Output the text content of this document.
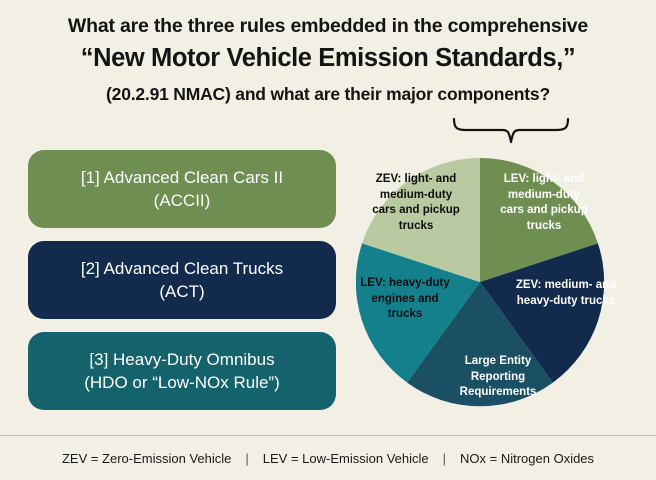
What are the three rules embedded in the comprehensive
“New Motor Vehicle Emission Standards,”
(20.2.91 NMAC) and what are their major components?
[1] Advanced Clean Cars II
(ACCII)
[2] Advanced Clean Trucks
(ACT)
[3] Heavy-Duty Omnibus
(HDO or “Low-NOx Rule”)
ZEV: light- and medium-duty cars and pickup trucks
LEV: light- and medium-duty cars and pickup trucks
ZEV: medium- and heavy-duty trucks
Large Entity Reporting Requirements
LEV: heavy-duty engines and trucks
ZEV = Zero-Emission Vehicle	|	LEV = Low-Emission Vehicle	|	NOx = Nitrogen Oxides
